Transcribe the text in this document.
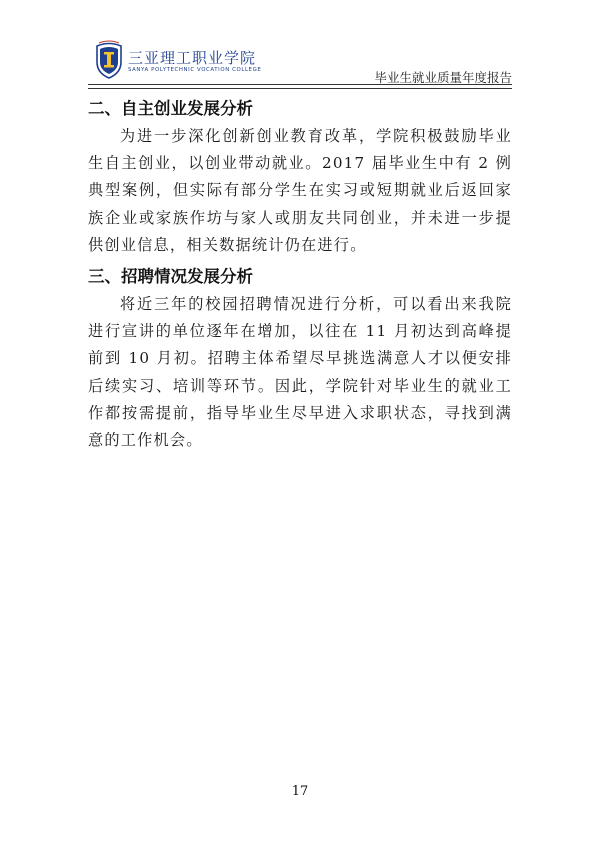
三亚理工职业学院
SANYA POLYTECHNIC VOCATION COLLEGE	毕业生就业质量年度报告
二、自主创业发展分析

为进一步深化创新创业教育改革，学院积极鼓励毕业生自主创业，以创业带动就业。2017 届毕业生中有 2 例典型案例，但实际有部分学生在实习或短期就业后返回家族企业或家族作坊与家人或朋友共同创业，并未进一步提供创业信息，相关数据统计仍在进行。

三、招聘情况发展分析

将近三年的校园招聘情况进行分析，可以看出来我院进行宣讲的单位逐年在增加，以往在 11 月初达到高峰提前到 10 月初。招聘主体希望尽早挑选满意人才以便安排后续实习、培训等环节。因此，学院针对毕业生的就业工作都按需提前，指导毕业生尽早进入求职状态，寻找到满意的工作机会。

17
